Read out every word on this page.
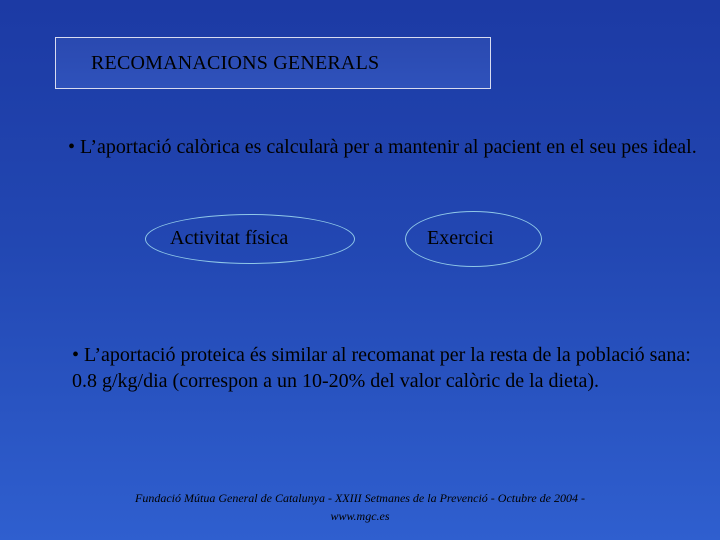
RECOMANACIONS GENERALS

• L’aportació calòrica es calcularà per a mantenir al pacient en el seu pes ideal.

Activitat física	Exercici

• L’aportació proteica és similar al recomanat per la resta de la població sana: 0.8 g/kg/dia (correspon a un 10-20% del valor calòric de la dieta).

Fundació Mútua General de Catalunya - XXIII Setmanes de la Prevenció - Octubre de 2004 -
www.mgc.es
